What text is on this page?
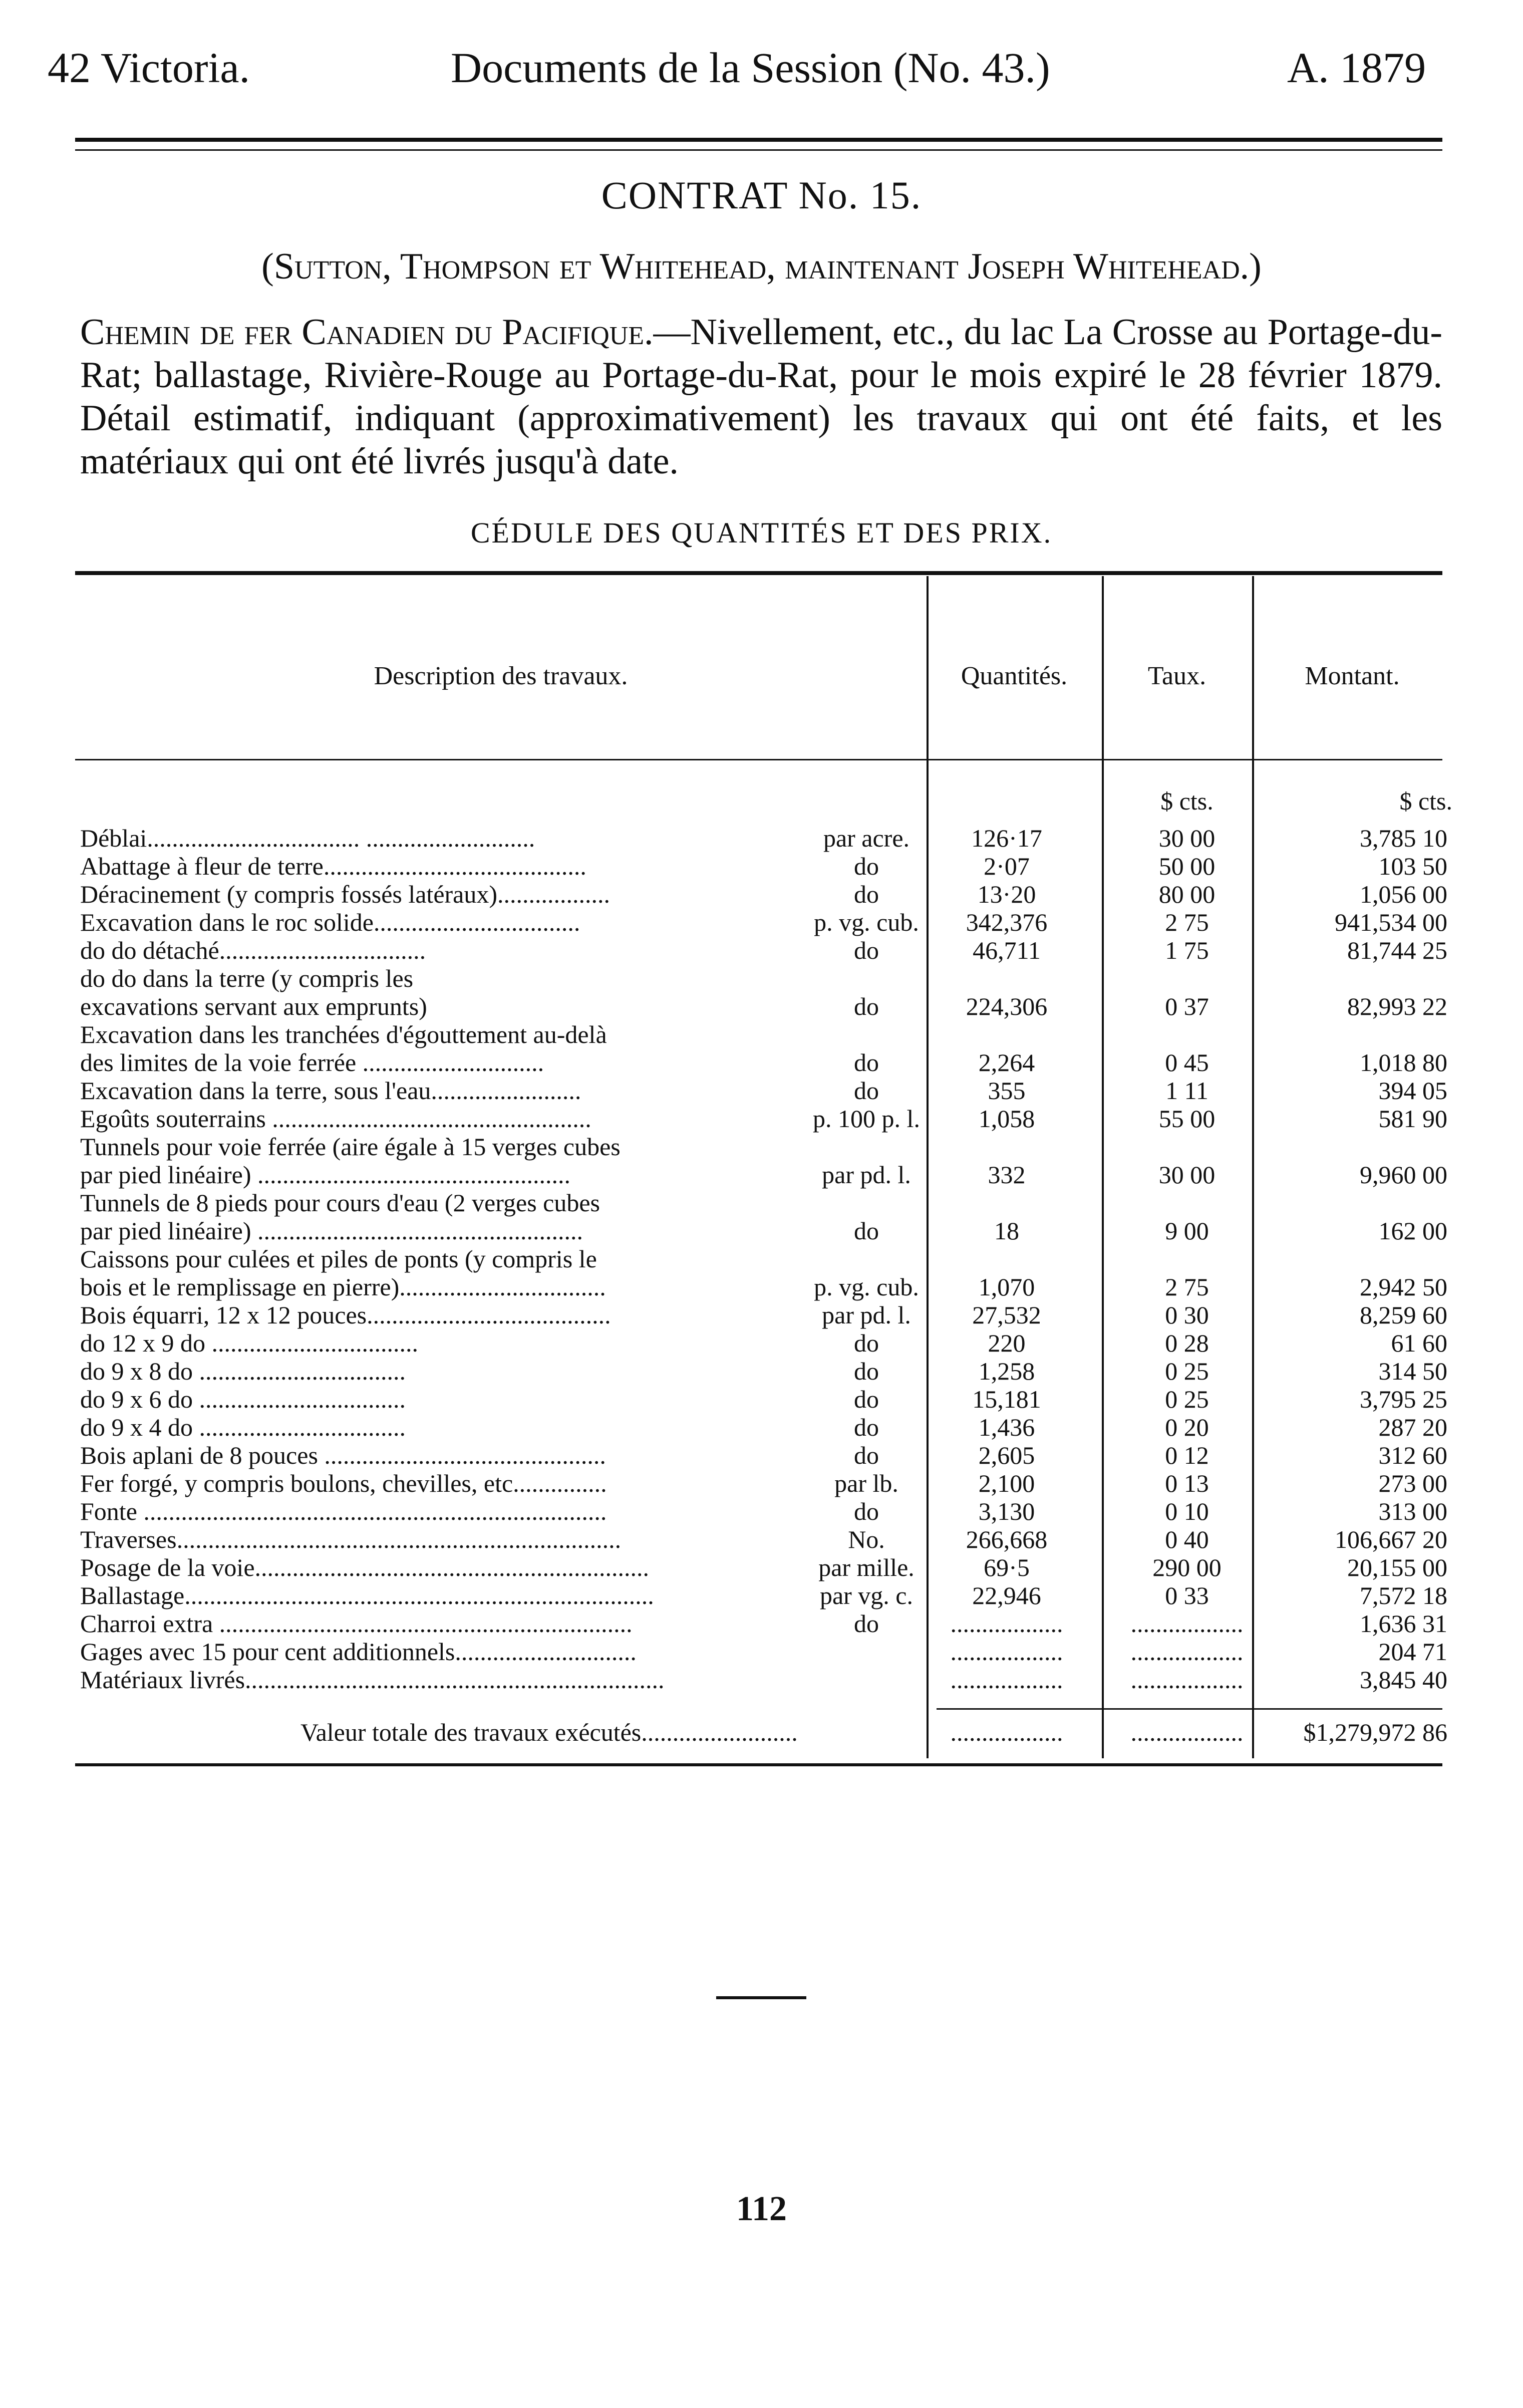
42 Victoria.	Documents de la Session (No. 43.)	A. 1879
CONTRAT No. 15.
(Sutton, Thompson et Whitehead, maintenant Joseph Whitehead.)
Chemin de fer Canadien du Pacifique.—Nivellement, etc., du lac La Crosse au Portage-du-Rat; ballastage, Rivière-Rouge au Portage-du-Rat, pour le mois expiré le 28 février 1879. Détail estimatif, indiquant (approximativement) les travaux qui ont été faits, et les matériaux qui ont été livrés jusqu'à date.
CÉDULE DES QUANTITÉS ET DES PRIX.
Description des travaux.	Quantités.	Taux.	Montant.
$ cts.	$ cts.
Déblai.................................. ...........................	par acre.	126·17	30 00	3,785 10
Abattage à fleur de terre..........................................	do	2·07	50 00	103 50
Déracinement (y compris fossés latéraux)..................	do	13·20	80 00	1,056 00
Excavation dans le roc solide.................................	p. vg. cub.	342,376	2 75	941,534 00
do do détaché.................................	do	46,711	1 75	81,744 25
do do dans la terre (y compris les
excavations servant aux emprunts)	do	224,306	0 37	82,993 22
Excavation dans les tranchées d'égouttement au-delà
des limites de la voie ferrée .............................	do	2,264	0 45	1,018 80
Excavation dans la terre, sous l'eau........................	do	355	1 11	394 05
Egoûts souterrains ...................................................	p. 100 p. l.	1,058	55 00	581 90
Tunnels pour voie ferrée (aire égale à 15 verges cubes
par pied linéaire) ..................................................	par pd. l.	332	30 00	9,960 00
Tunnels de 8 pieds pour cours d'eau (2 verges cubes
par pied linéaire) ....................................................	do	18	9 00	162 00
Caissons pour culées et piles de ponts (y compris le
bois et le remplissage en pierre).................................	p. vg. cub.	1,070	2 75	2,942 50
Bois équarri, 12 x 12 pouces.......................................	par pd. l.	27,532	0 30	8,259 60
do 12 x 9 do .................................	do	220	0 28	61 60
do 9 x 8 do .................................	do	1,258	0 25	314 50
do 9 x 6 do .................................	do	15,181	0 25	3,795 25
do 9 x 4 do .................................	do	1,436	0 20	287 20
Bois aplani de 8 pouces .............................................	do	2,605	0 12	312 60
Fer forgé, y compris boulons, chevilles, etc...............	par lb.	2,100	0 13	273 00
Fonte ..........................................................................	do	3,130	0 10	313 00
Traverses.......................................................................	No.	266,668	0 40	106,667 20
Posage de la voie...............................................................	par mille.	69·5	290 00	20,155 00
Ballastage...........................................................................	par vg. c.	22,946	0 33	7,572 18
Charroi extra ..................................................................	do	..................	..................	1,636 31
Gages avec 15 pour cent additionnels.............................	..................	..................	204 71
Matériaux livrés...................................................................	..................	..................	3,845 40
Valeur totale des travaux exécutés.........................	..................	..................	$1,279,972 86
112
